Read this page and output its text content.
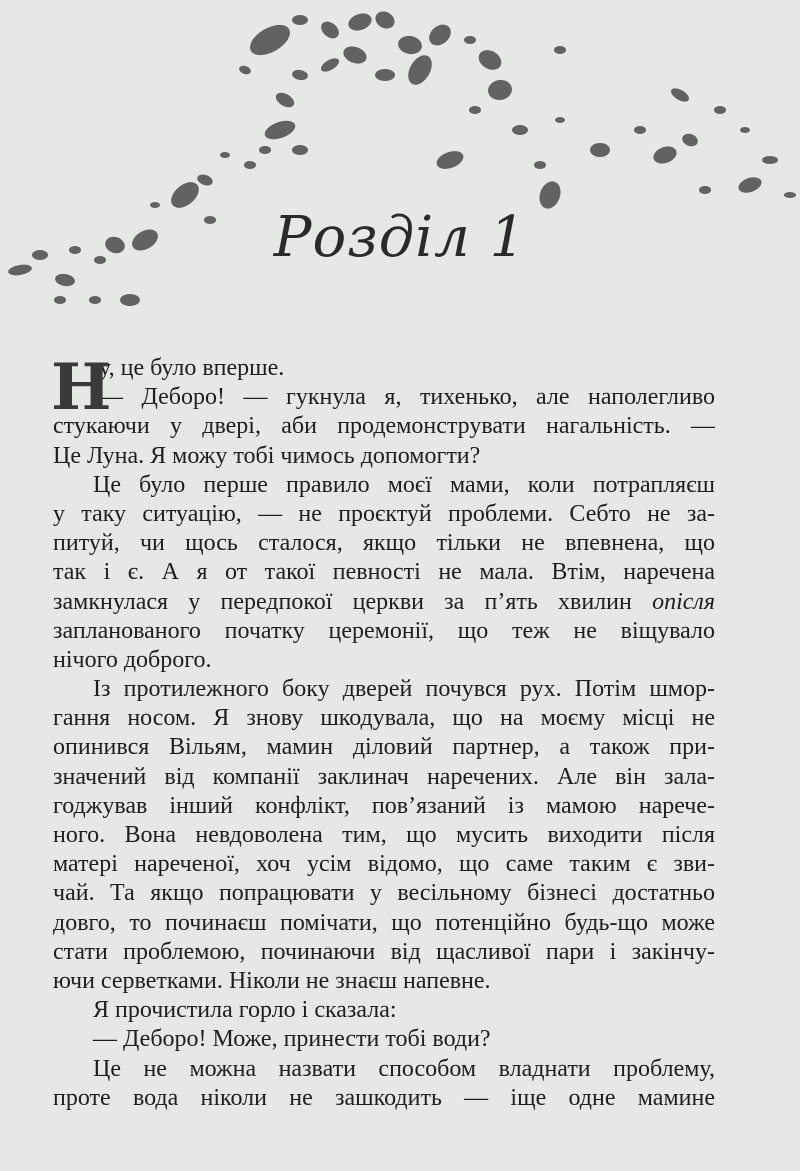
Розділ 1
Н
у, це було вперше.
— Деборо! — гукнула я, тихенько, але наполегливо
стукаючи у двері, аби продемонструвати нагальність. —
Це Луна. Я можу тобі чимось допомогти?
Це було перше правило моєї мами, коли потрапляєш
у таку ситуацію, — не проєктуй проблеми. Себто не за-
питуй, чи щось сталося, якщо тільки не впевнена, що
так і є. А я от такої певності не мала. Втім, наречена
замкнулася у передпокої церкви за п’ять хвилин опісля
запланованого початку церемонії, що теж не віщувало
нічого доброго.
Із протилежного боку дверей почувся рух. Потім шмор-
гання носом. Я знову шкодувала, що на моєму місці не
опинився Вільям, мамин діловий партнер, а також при-
значений від компанії заклинач наречених. Але він зала-
годжував інший конфлікт, пов’язаний із мамою нарече-
ного. Вона невдоволена тим, що мусить виходити після
матері нареченої, хоч усім відомо, що саме таким є зви-
чай. Та якщо попрацювати у весільному бізнесі достатньо
довго, то починаєш помічати, що потенційно будь-що може
стати проблемою, починаючи від щасливої пари і закінчу-
ючи серветками. Ніколи не знаєш напевне.
Я прочистила горло і сказала:
— Деборо! Може, принести тобі води?
Це не можна назвати способом владнати проблему,
проте вода ніколи не зашкодить — іще одне мамине
